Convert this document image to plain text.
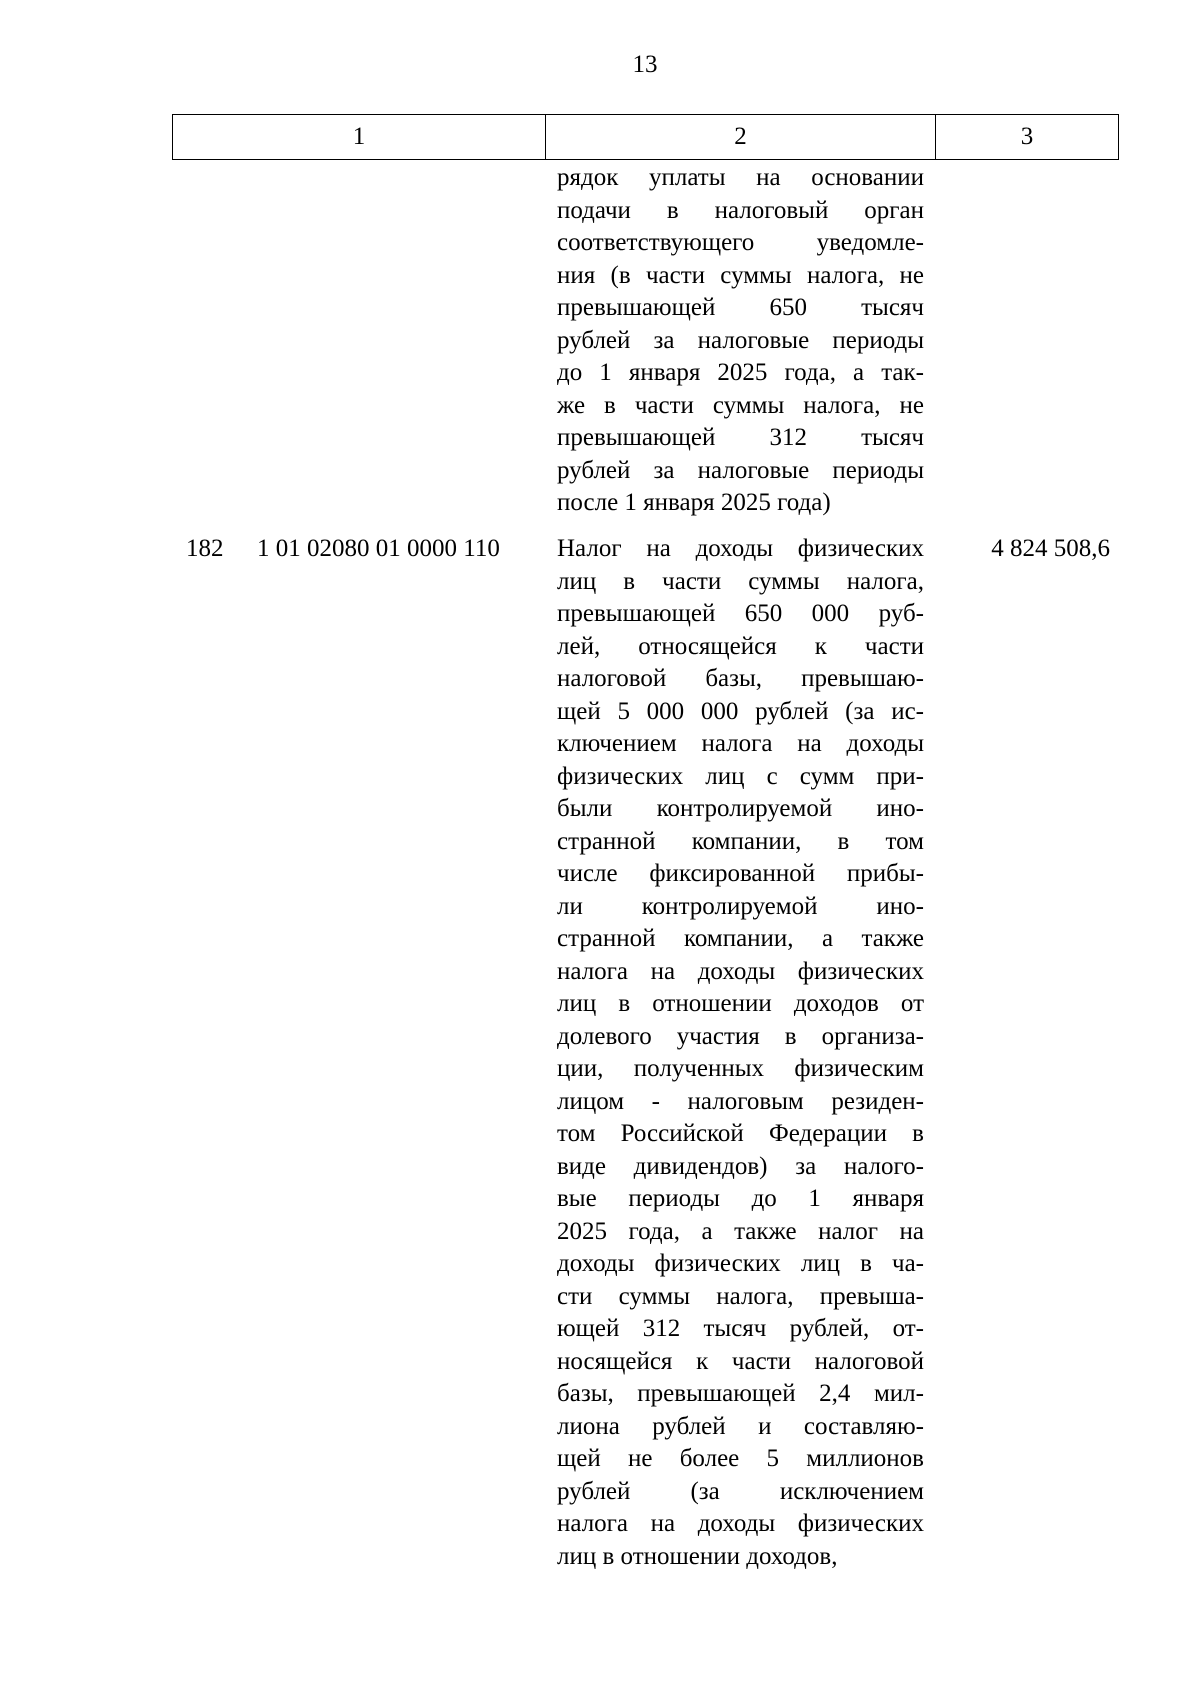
13
1	2	3
рядок уплаты на основании
подачи в налоговый орган
соответствующего уведомле-
ния (в части суммы налога, не
превышающей 650 тысяч
рублей за налоговые периоды
до 1 января 2025 года, а так-
же в части суммы налога, не
превышающей 312 тысяч
рублей за налоговые периоды
после 1 января 2025 года)
182 1 01 02080 01 0000 110 Налог на доходы физических
лиц в части суммы налога,
превышающей 650 000 руб-
лей, относящейся к части
налоговой базы, превышаю-
щей 5 000 000 рублей (за ис-
ключением налога на доходы
физических лиц с сумм при-
были контролируемой ино-
странной компании, в том
числе фиксированной прибы-
ли контролируемой ино-
странной компании, а также
налога на доходы физических
лиц в отношении доходов от
долевого участия в организа-
ции, полученных физическим
лицом - налоговым резиден-
том Российской Федерации в
виде дивидендов) за налого-
вые периоды до 1 января
2025 года, а также налог на
доходы физических лиц в ча-
сти суммы налога, превыша-
ющей 312 тысяч рублей, от-
носящейся к части налоговой
базы, превышающей 2,4 мил-
лиона рублей и составляю-
щей не более 5 миллионов
рублей (за исключением
налога на доходы физических
лиц в отношении доходов,
4 824 508,6
